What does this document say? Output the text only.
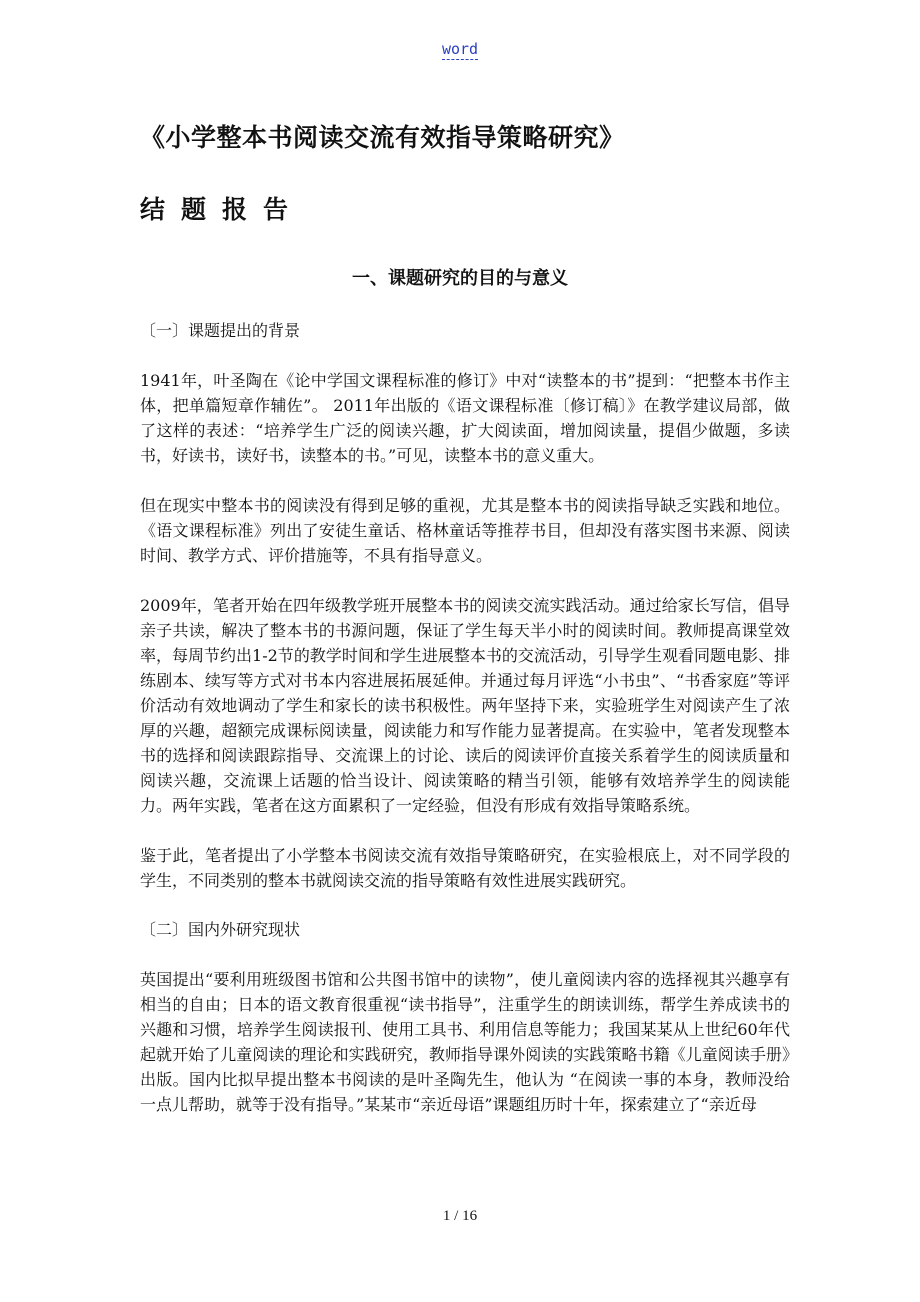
word
《小学整本书阅读交流有效指导策略研究》
结题报告
一、课题研究的目的与意义

〔一〕课题提出的背景

1941年，叶圣陶在《论中学国文课程标准的修订》中对“读整本的书”提到：“把整本书作主体，把单篇短章作辅佐”。 2011年出版的《语文课程标准〔修订稿〕》在教学建议局部，做了这样的表述：“培养学生广泛的阅读兴趣，扩大阅读面，增加阅读量，提倡少做题，多读书，好读书，读好书，读整本的书。”可见，读整本书的意义重大。

但在现实中整本书的阅读没有得到足够的重视，尤其是整本书的阅读指导缺乏实践和地位。《语文课程标准》列出了安徒生童话、格林童话等推荐书目，但却没有落实图书来源、阅读时间、教学方式、评价措施等，不具有指导意义。

2009年，笔者开始在四年级教学班开展整本书的阅读交流实践活动。通过给家长写信，倡导亲子共读，解决了整本书的书源问题，保证了学生每天半小时的阅读时间。教师提高课堂效率，每周节约出1-2节的教学时间和学生进展整本书的交流活动，引导学生观看同题电影、排练剧本、续写等方式对书本内容进展拓展延伸。并通过每月评选“小书虫”、“书香家庭”等评价活动有效地调动了学生和家长的读书积极性。两年坚持下来，实验班学生对阅读产生了浓厚的兴趣，超额完成课标阅读量，阅读能力和写作能力显著提高。在实验中，笔者发现整本书的选择和阅读跟踪指导、交流课上的讨论、读后的阅读评价直接关系着学生的阅读质量和阅读兴趣，交流课上话题的恰当设计、阅读策略的精当引领，能够有效培养学生的阅读能力。两年实践，笔者在这方面累积了一定经验，但没有形成有效指导策略系统。

鉴于此，笔者提出了小学整本书阅读交流有效指导策略研究，在实验根底上，对不同学段的学生，不同类别的整本书就阅读交流的指导策略有效性进展实践研究。

〔二〕国内外研究现状

英国提出“要利用班级图书馆和公共图书馆中的读物”，使儿童阅读内容的选择视其兴趣享有相当的自由；日本的语文教育很重视“读书指导”，注重学生的朗读训练，帮学生养成读书的兴趣和习惯，培养学生阅读报刊、使用工具书、利用信息等能力；我国某某从上世纪60年代起就开始了儿童阅读的理论和实践研究，教师指导课外阅读的实践策略书籍《儿童阅读手册》出版。国内比拟早提出整本书阅读的是叶圣陶先生，他认为 “在阅读一事的本身，教师没给一点儿帮助，就等于没有指导。”某某市“亲近母语”课题组历时十年，探索建立了“亲近母

1 / 16
